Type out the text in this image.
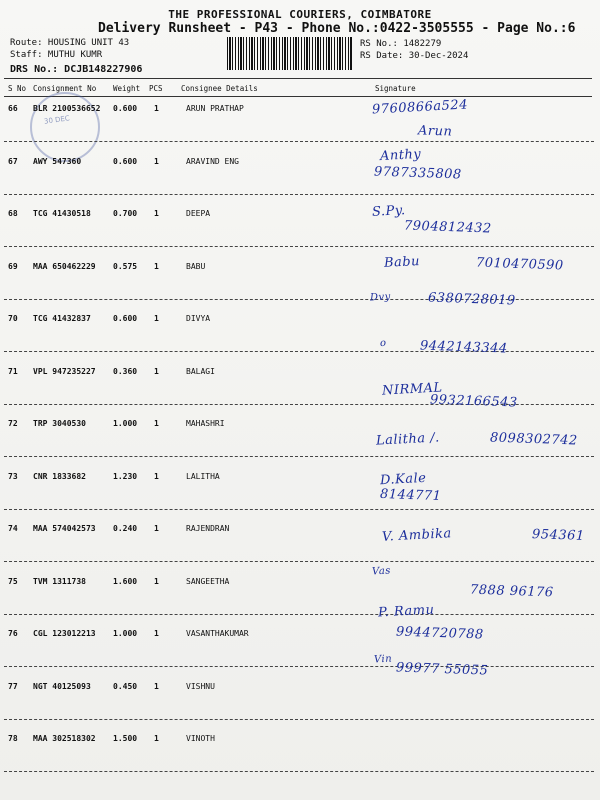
THE PROFESSIONAL COURIERS, COIMBATORE
Delivery Runsheet - P43 - Phone No.:0422-3505555 - Page No.:6
Route: HOUSING UNIT 43
Staff: MUTHU KUMR
DRS No.: DCJB148227906
RS No.: 1482279
RS Date: 30-Dec-2024
S No Consignment No Weight PCS Consignee Details	Signature
30 DEC
66 BLR 2100536652 0.600 1	ARUN PRATHAP	9760866a524
Arun
67 AWY 547360	0.600 1	ARAVIND ENG	Anthy
9787335808
68 TCG 41430518	0.700 1	DEEPA	S.Py.
7904812432
69 MAA 650462229 0.575 1	BABU	Babu	7010470590
70 TCG 41432837	0.600 1	DIVYA
Dvy	6380728019
71 VPL 947235227 0.360 1	BALAGI
o	9442143344
72 TRP 3040530	1.000 1	MAHASHRI
NIRMAL
9932166543
73 CNR 1833682	1.230 1	LALITHA
Lalitha /.	8098302742
74 MAA 574042573 0.240 1	RAJENDRAN
D.Kale
8144771
75 TVM 1311738	1.600 1	SANGEETHA
V. Ambika	954361
76 CGL 123012213 1.000 1	VASANTHAKUMAR
Vas
7888 96176
77 NGT 40125093	0.450 1	VISHNU
P. Ramu
9944720788
78 MAA 302518302 1.500 1	VINOTH
Vin
99977 55055
